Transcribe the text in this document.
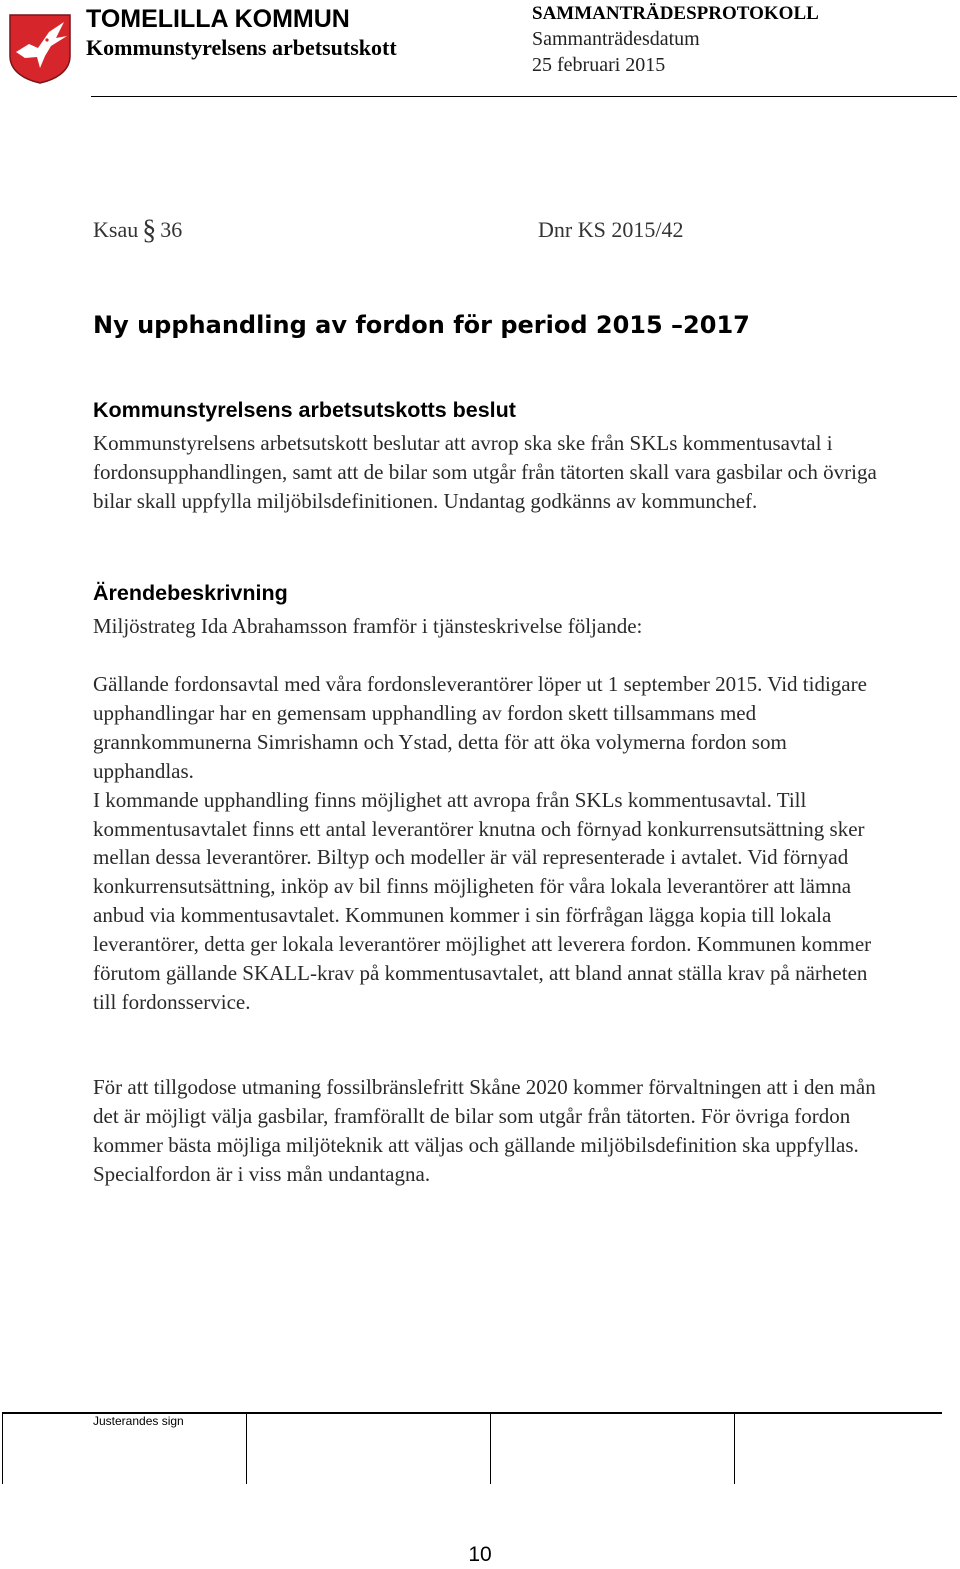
TOMELILLA KOMMUN
Kommunstyrelsens arbetsutskott
SAMMANTRÄDESPROTOKOLL
Sammanträdesdatum
25 februari 2015
Ksau § 36	Dnr KS 2015/42
Ny upphandling av fordon för period 2015 –2017
Kommunstyrelsens arbetsutskotts beslut

Kommunstyrelsens arbetsutskott beslutar att avrop ska ske från SKLs kommentusavtal i fordonsupphandlingen, samt att de bilar som utgår från tätorten skall vara gasbilar och övriga bilar skall uppfylla miljöbilsdefinitionen. Undantag godkänns av kommunchef.

Ärendebeskrivning
Miljöstrateg Ida Abrahamsson framför i tjänsteskrivelse följande:

Gällande fordonsavtal med våra fordonsleverantörer löper ut 1 september 2015. Vid tidigare upphandlingar har en gemensam upphandling av fordon skett tillsammans med grannkommunerna Simrishamn och Ystad, detta för att öka volymerna fordon som upphandlas.

I kommande upphandling finns möjlighet att avropa från SKLs kommentusavtal. Till kommentusavtalet finns ett antal leverantörer knutna och förnyad konkurrensutsättning sker mellan dessa leverantörer. Biltyp och modeller är väl representerade i avtalet. Vid förnyad konkurrensutsättning, inköp av bil finns möjligheten för våra lokala leverantörer att lämna anbud via kommentusavtalet. Kommunen kommer i sin förfrågan lägga kopia till lokala leverantörer, detta ger lokala leverantörer möjlighet att leverera fordon. Kommunen kommer förutom gällande SKALL-krav på kommentusavtalet, att bland annat ställa krav på närheten till fordonsservice.

För att tillgodose utmaning fossilbränslefritt Skåne 2020 kommer förvaltningen att i den mån det är möjligt välja gasbilar, framförallt de bilar som utgår från tätorten. För övriga fordon kommer bästa möjliga miljöteknik att väljas och gällande miljöbilsdefinition ska uppfyllas. Specialfordon är i viss mån undantagna.

Justerandes sign
10
